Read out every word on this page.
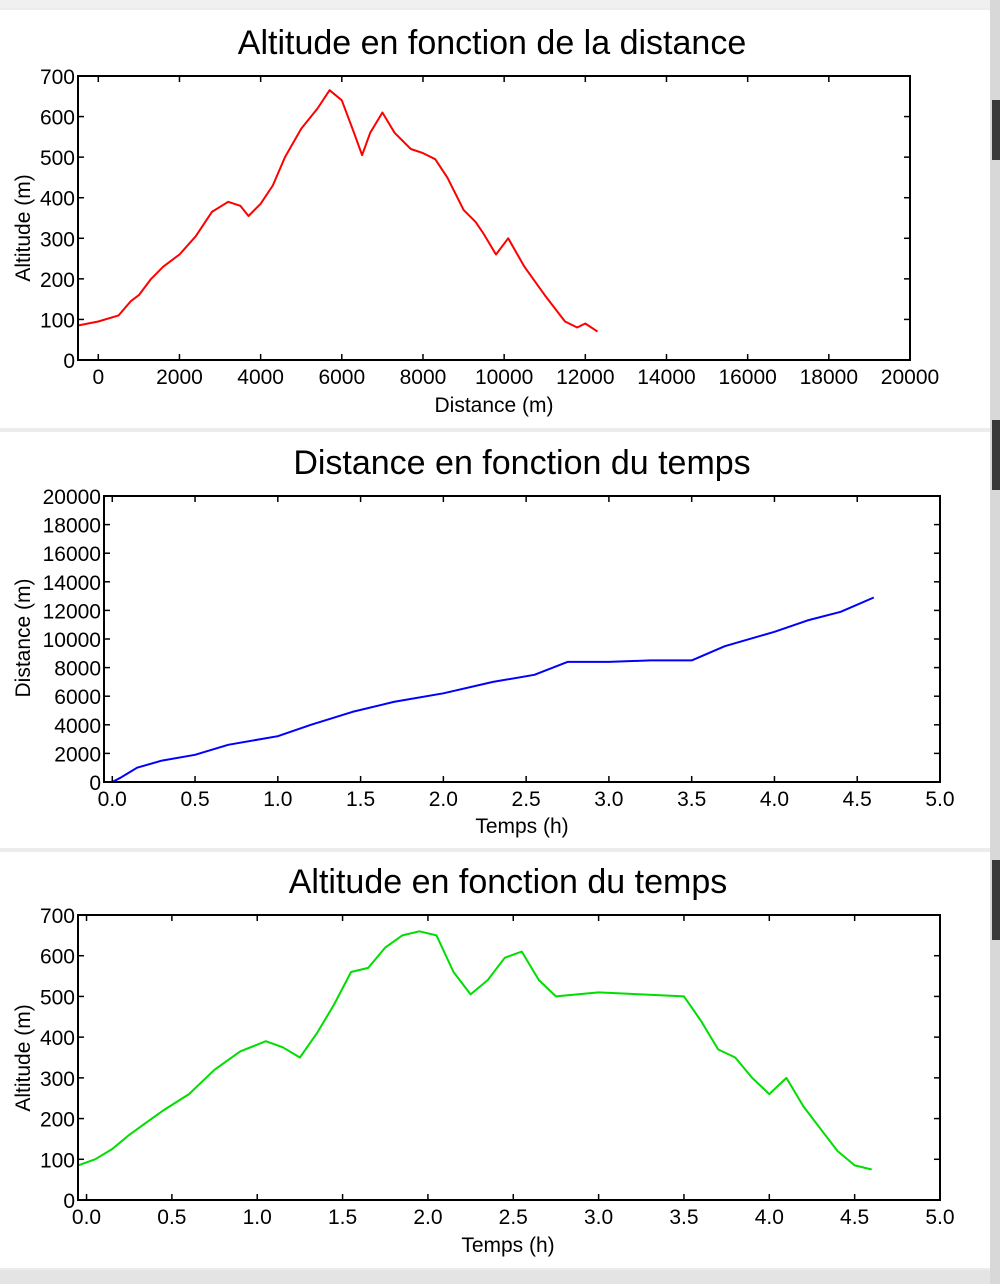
Altitude en fonction de la distance
Distance (m)
Altitude (m)
0 2000 4000 6000 8000 10000 12000 14000 16000 18000 20000
0
100
200
300
400
500
600
700
Distance en fonction du temps
Temps (h)
Distance (m)
0.0	0.5	1.0	1.5	2.0	2.5	3.0	3.5	4.0	4.5	5.0
0
2000
4000
6000
8000
10000
12000
14000
16000
18000
20000
Altitude en fonction du temps
Temps (h)
Altitude (m)
0.0	0.5	1.0	1.5	2.0	2.5	3.0	3.5	4.0	4.5	5.0
0
100
200
300
400
500
600
700
